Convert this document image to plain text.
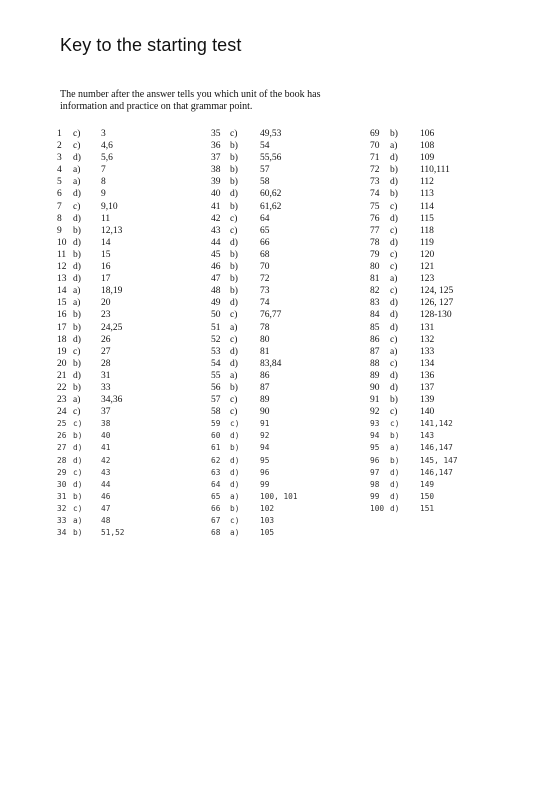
Key to the starting test
The number after the answer tells you which unit of the book has information and practice on that grammar point.
1 c) 3
2 c) 4,6
3 d) 5,6
4 a) 7
5 a) 8
6 d) 9
7 c) 9,10
8 d) 11
9 b) 12,13
10 d) 14
11 b) 15
12 d) 16
13 d) 17
14 a) 18,19
15 a) 20
16 b) 23
17 b) 24,25
18 d) 26
19 c) 27
20 b) 28
21 d) 31
22 b) 33
23 a) 34,36
24 c) 37
25 c) 38
26 b) 40
27 d) 41
28 d) 42
29 c) 43
30 d) 44
31 b) 46
32 c) 47
33 a) 48
34 b) 51,52
35 c) 49,53
36 b) 54
37 b) 55,56
38 b) 57
39 b) 58
40 d) 60,62
41 b) 61,62
42 c) 64
43 c) 65
44 d) 66
45 b) 68
46 b) 70
47 b) 72
48 b) 73
49 d) 74
50 c) 76,77
51 a) 78
52 c) 80
53 d) 81
54 d) 83,84
55 a) 86
56 b) 87
57 c) 89
58 c) 90
59 c)	91
60 d)	92
61 b)	94
62 d)	95
63 d)	96
64 d)	99
65 a)	100, 101
66 b)	102
67 c)	103
68 a)	105
69 b) 106
70 a) 108
71 d) 109
72 b) 110,111
73 d) 112
74 b) 113
75 c) 114
76 d) 115
77 c) 118
78 d) 119
79 c) 120
80 c) 121
81 a) 123
82 c) 124, 125
83 d) 126, 127
84 d) 128-130
85 d) 131
86 c) 132
87 a) 133
88 c) 134
89 d) 136
90 d) 137
91 b) 139
92 c) 140
93 c)	141,142
94 b)	143
95 a)	146,147
96 b)	145, 147
97 d)	146,147
98 d)	149
99 d)	150
100 d)	151
